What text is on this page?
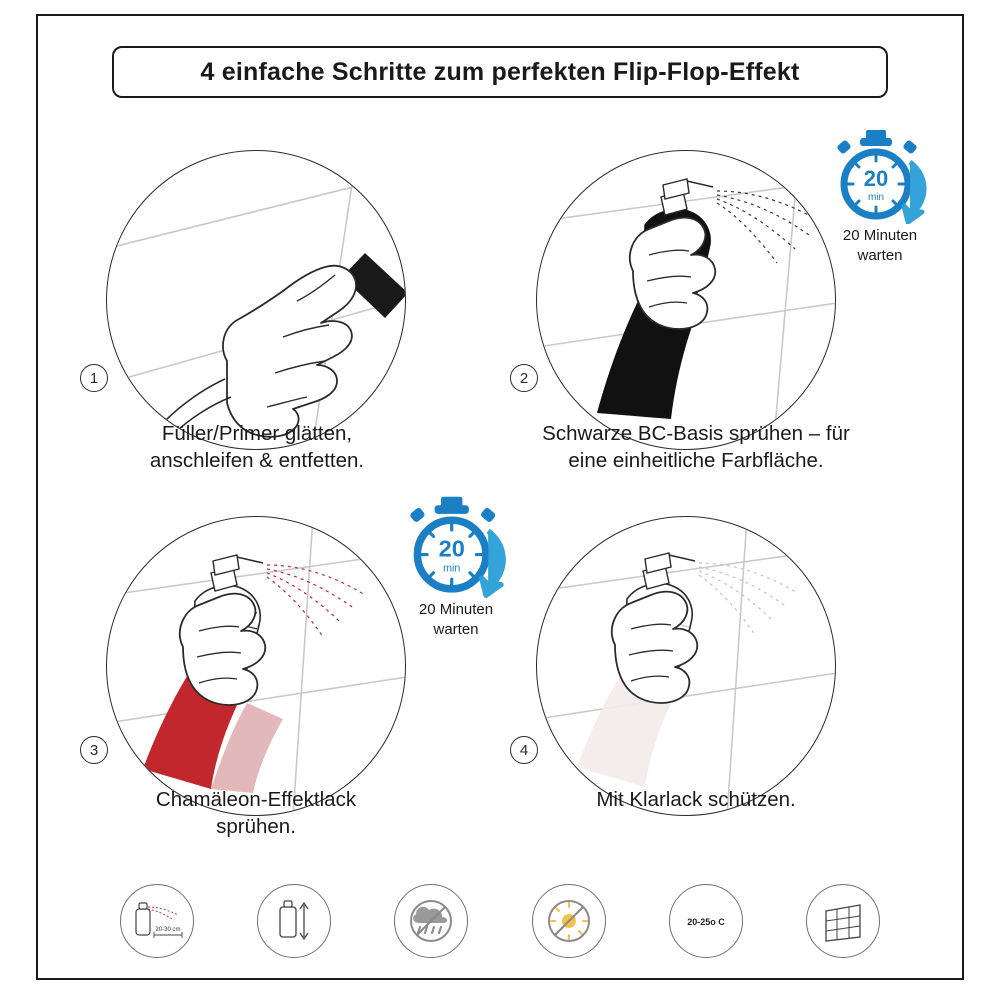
4 einfache Schritte zum perfekten Flip-Flop-Effekt
1
Füller/Primer glätten,
anschleifen & entfetten.
2
Schwarze BC-Basis sprühen – für
eine einheitliche Farbfläche.
20
min
20 Minuten
warten
3
Chamäleon-Effektlack
sprühen.
20
min
20 Minuten
warten
4
Mit Klarlack schützen.
20-30 cm
20-25o C
